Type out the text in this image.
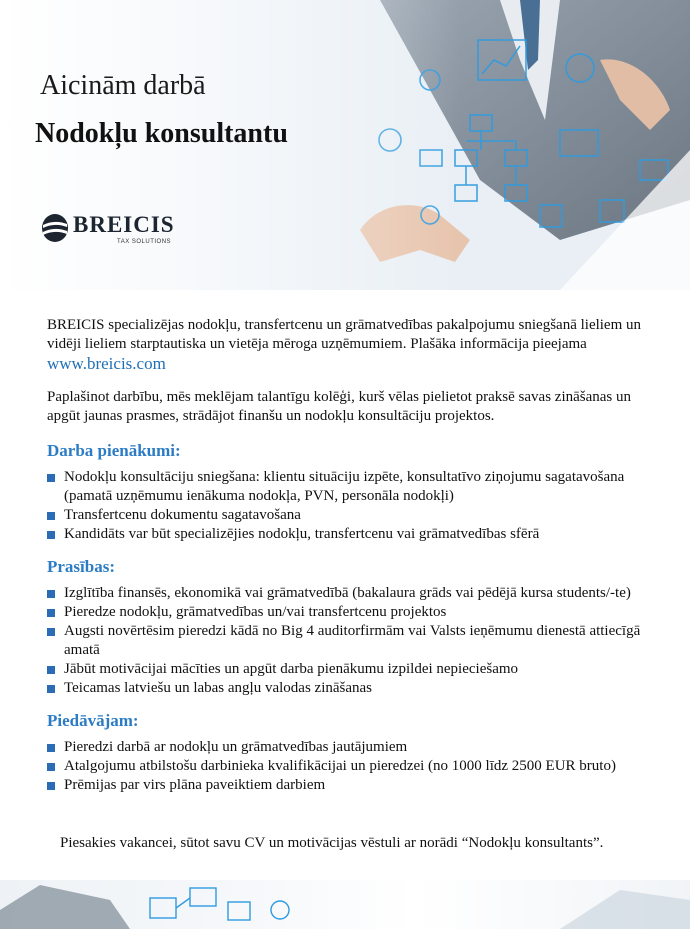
Aicinām darbā
Nodokļu konsultantu
BREICIS
TAX SOLUTIONS

BREICIS specializējas nodokļu, transfertcenu un grāmatvedības pakalpojumu sniegšanā lieliem un vidēji lieliem starptautiska un vietēja mēroga uzņēmumiem. Plašāka informācija pieejama www.breicis.com

Paplašinot darbību, mēs meklējam talantīgu kolēģi, kurš vēlas pielietot praksē savas zināšanas un apgūt jaunas prasmes, strādājot finanšu un nodokļu konsultāciju projektos.

Darba pienākumi:
Nodokļu konsultāciju sniegšana: klientu situāciju izpēte, konsultatīvo ziņojumu sagatavošana (pamatā uzņēmumu ienākuma nodokļa, PVN, personāla nodokļi)
Transfertcenu dokumentu sagatavošana
Kandidāts var būt specializējies nodokļu, transfertcenu vai grāmatvedības sfērā
Prasības:
Izglītība finansēs, ekonomikā vai grāmatvedībā (bakalaura grāds vai pēdējā kursa students/-te)
Pieredze nodokļu, grāmatvedības un/vai transfertcenu projektos
Augsti novērtēsim pieredzi kādā no Big 4 auditorfirmām vai Valsts ieņēmumu dienestā attiecīgā amatā
Jābūt motivācijai mācīties un apgūt darba pienākumu izpildei nepieciešamo
Teicamas latviešu un labas angļu valodas zināšanas
Piedāvājam:
Pieredzi darbā ar nodokļu un grāmatvedības jautājumiem
Atalgojumu atbilstošu darbinieka kvalifikācijai un pieredzei (no 1000 līdz 2500 EUR bruto)
Prēmijas par virs plāna paveiktiem darbiem

Piesakies vakancei, sūtot savu CV un motivācijas vēstuli ar norādi “Nodokļu konsultants”.
